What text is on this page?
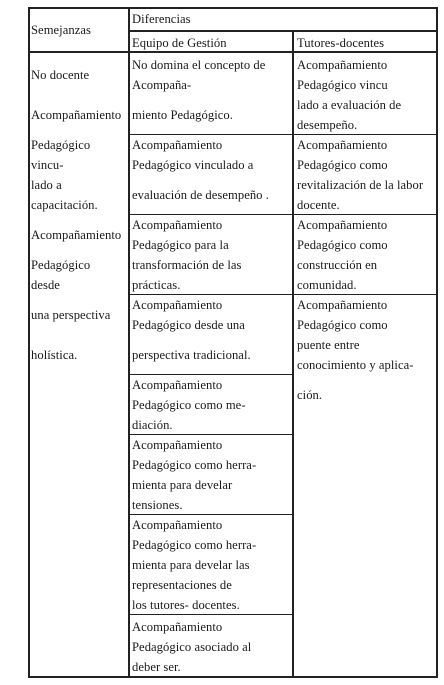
Semejanzas
Diferencias
Equipo de Gestión	Tutores-docentes
No docente
Acompañamiento
Pedagógico
vincu-
lado a
capacitación.
Acompañamiento
Pedagógico
desde
una perspectiva
holística.
No domina el concepto de
Acompaña-
miento Pedagógico.
Acompañamiento
Pedagógico vinculado a
evaluación de desempeño .
Acompañamiento
Pedagógico para la
transformación de las
prácticas.
Acompañamiento
Pedagógico desde una
perspectiva tradicional.
Acompañamiento
Pedagógico como me-
diación.
Acompañamiento
Pedagógico como herra-
mienta para develar
tensiones.
Acompañamiento
Pedagógico como herra-
mienta para develar las
representaciones de
los tutores- docentes.
Acompañamiento
Pedagógico asociado al
deber ser.
Acompañamiento
Pedagógico vincu
lado a evaluación de
desempeño.
Acompañamiento
Pedagógico como
revitalización de la labor
docente.
Acompañamiento
Pedagógico como
construcción en
comunidad.
Acompañamiento
Pedagógico como
puente entre
conocimiento y aplica-
ción.
